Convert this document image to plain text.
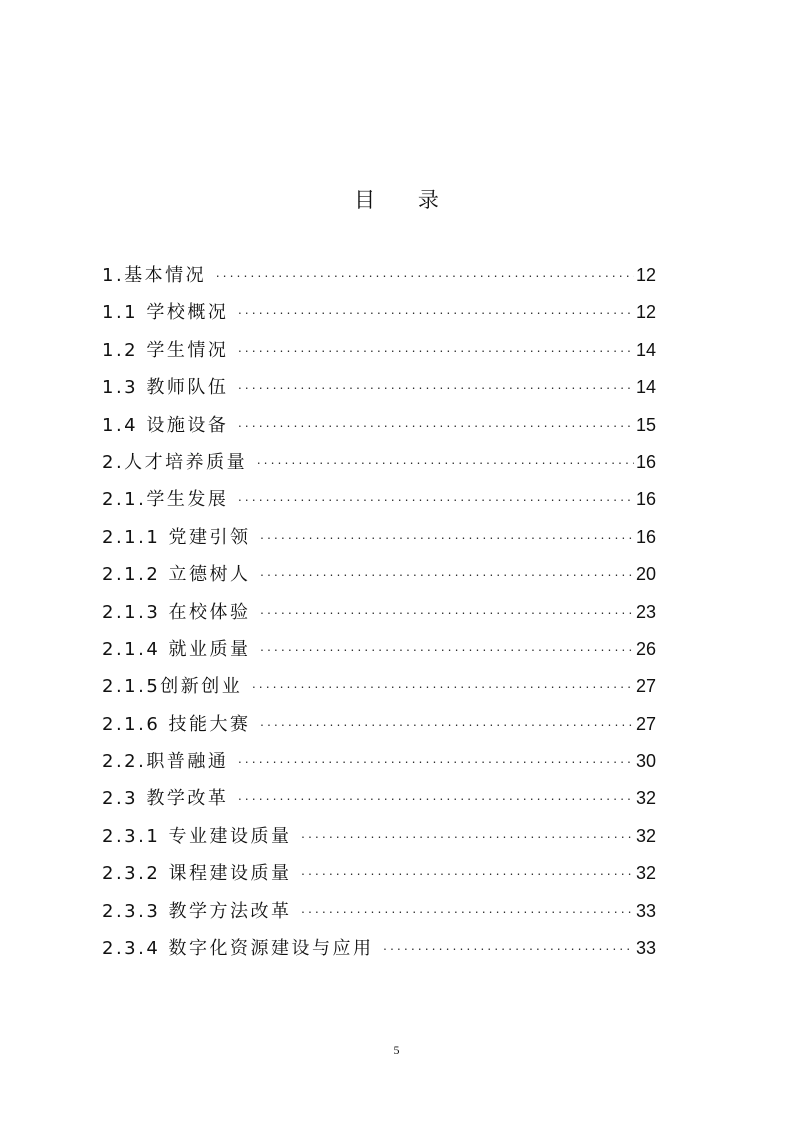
目 录
1.基本情况 •••••	12
1.1 学校概况 •••••	12
1.2 学生情况 •••••	14
1.3 教师队伍 •••••	14
1.4 设施设备 •••••	15
2.人才培养质量 •••••	16
2.1.学生发展 •••••	16
2.1.1 党建引领 •••••	16
2.1.2 立德树人 •••••	20
2.1.3 在校体验 •••••	23
2.1.4 就业质量 •••••	26
2.1.5创新创业 •••••	27
2.1.6 技能大赛 •••••	27
2.2.职普融通 •••••	30
2.3 教学改革 •••••	32
2.3.1 专业建设质量 •••••	32
2.3.2 课程建设质量 •••••	32
2.3.3 教学方法改革 •••••	33
2.3.4 数字化资源建设与应用 •••••	33
5
